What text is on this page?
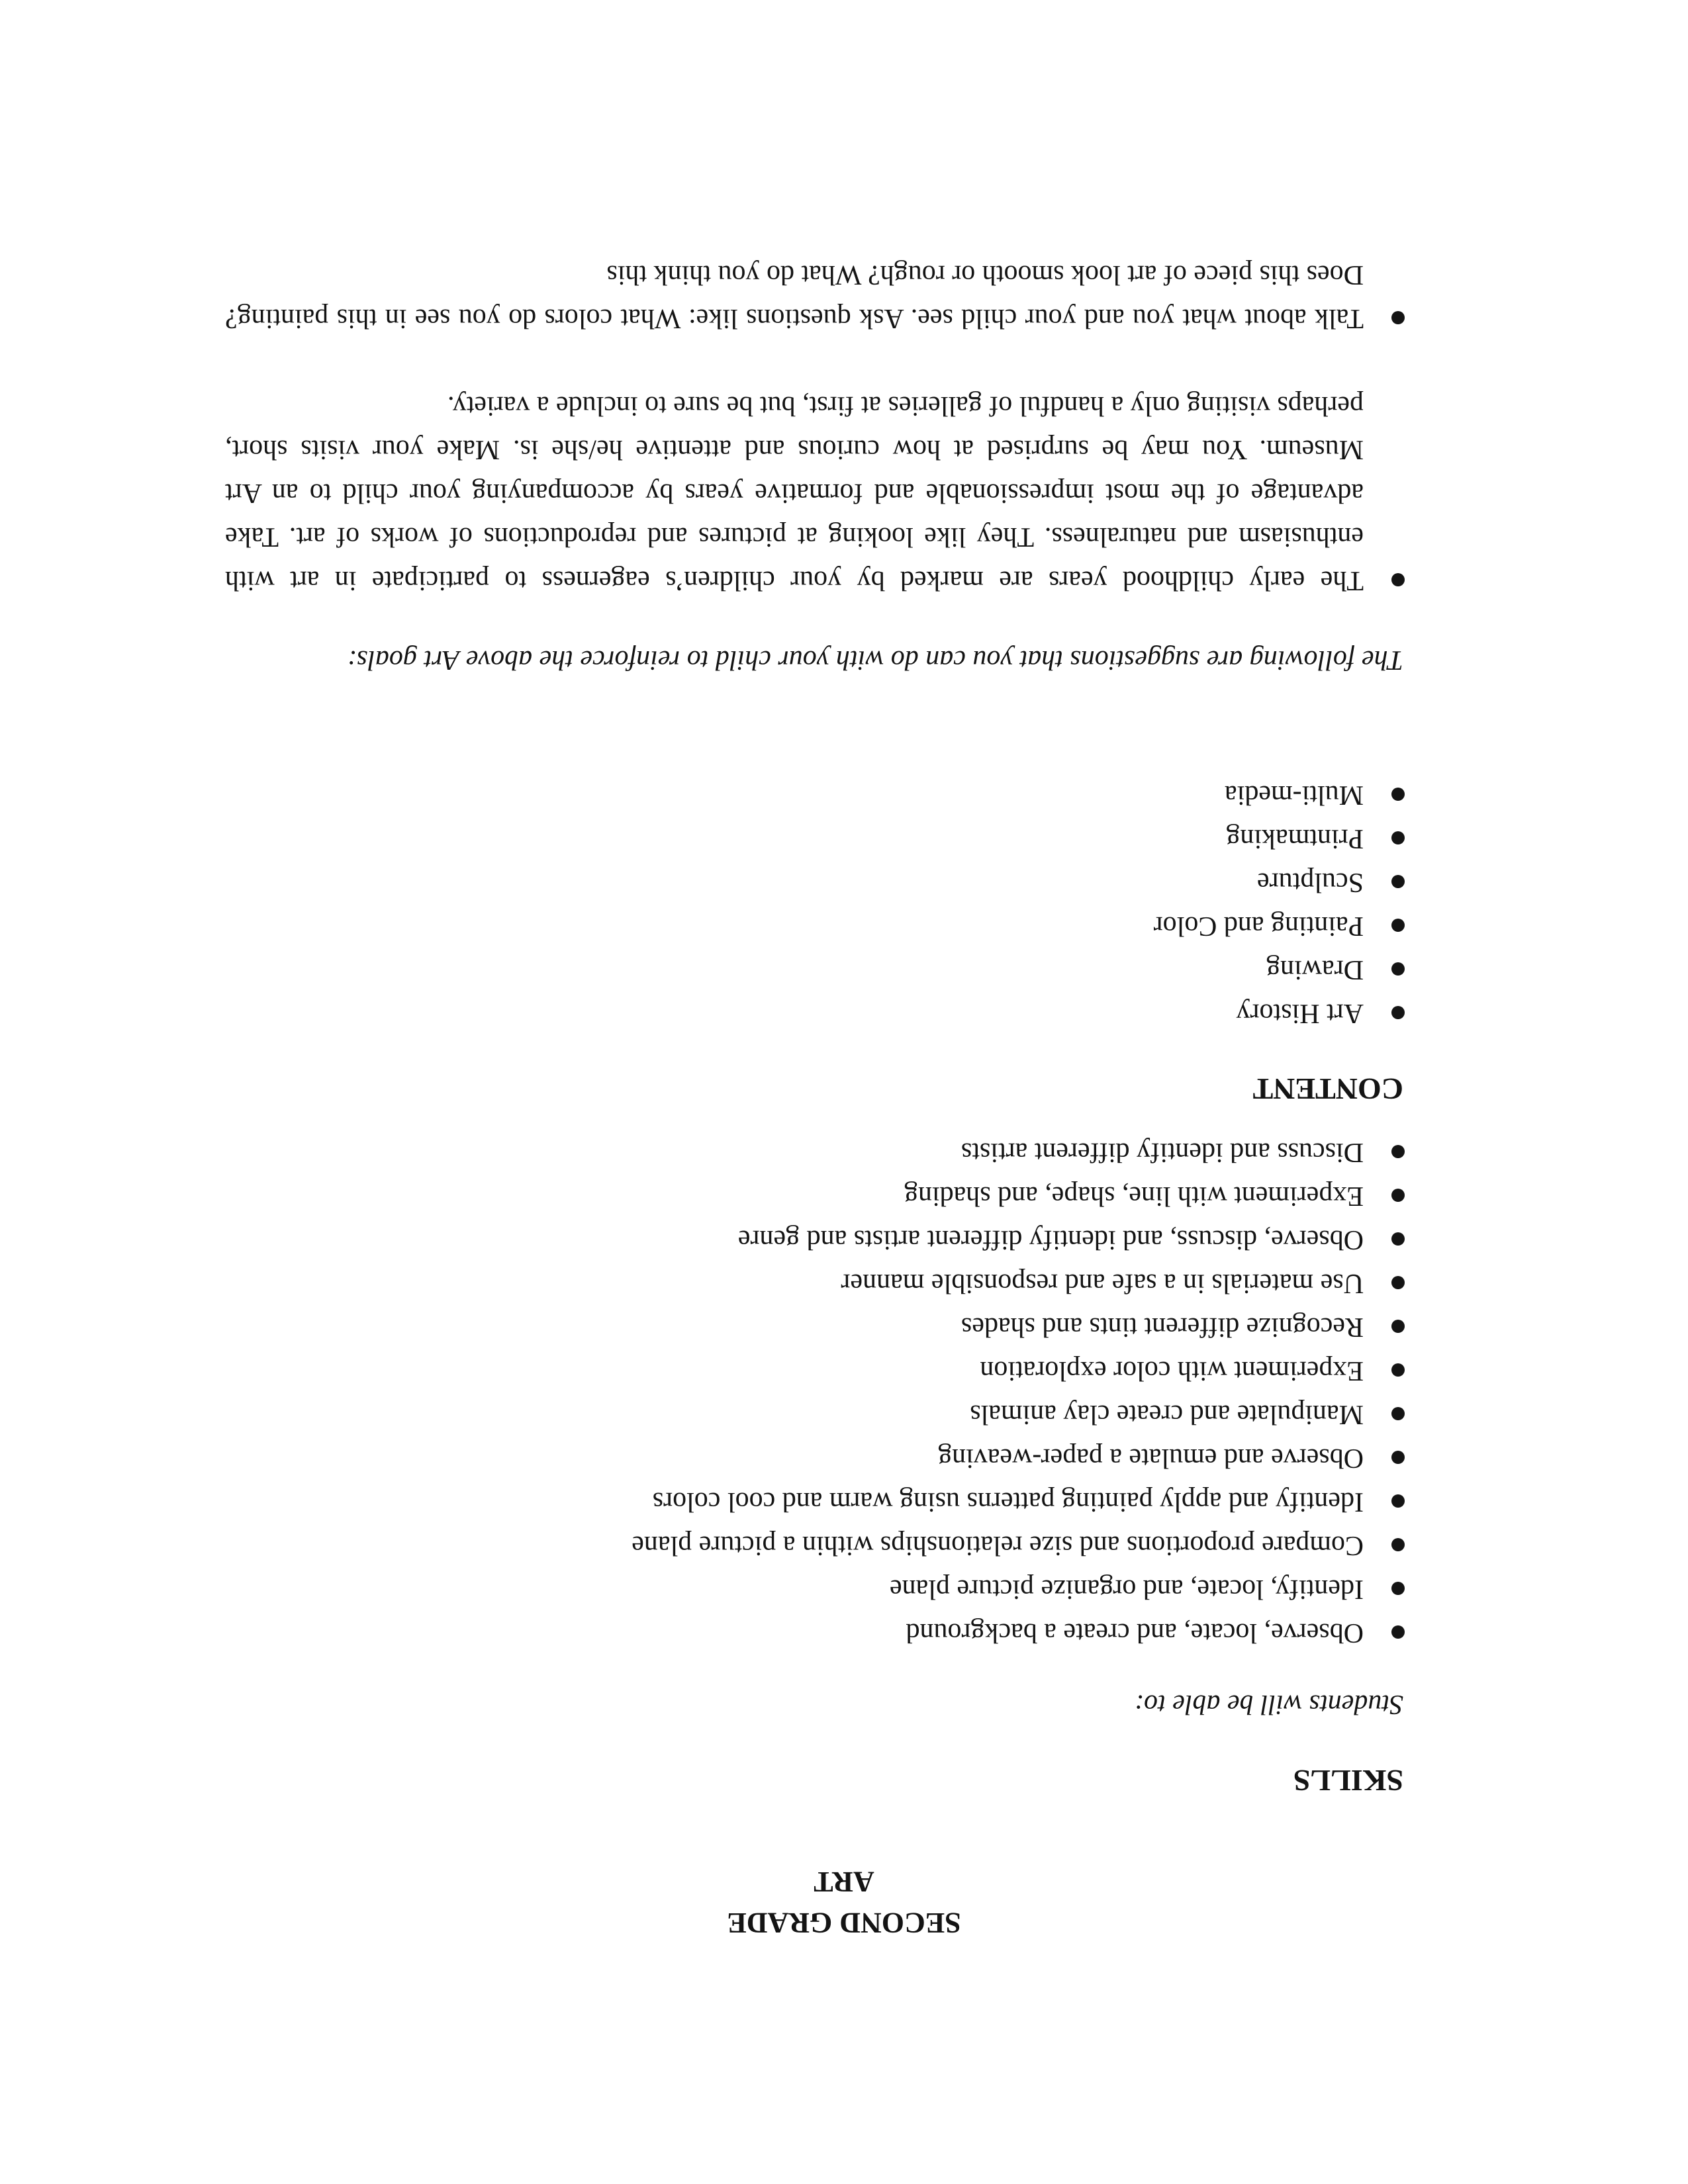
SECOND GRADE
ART
SKILLS
Students will be able to:
Observe, locate, and create a background
Identify, locate, and organize picture plane
Compare proportions and size relationships within a picture plane
Identify and apply painting patterns using warm and cool colors
Observe and emulate a paper-weaving
Manipulate and create clay animals
Experiment with color exploration
Recognize different tints and shades
Use materials in a safe and responsible manner
Observe, discuss, and identify different artists and genre
Experiment with line, shape, and shading
Discuss and identify different artists
CONTENT
Art History
Drawing
Painting and Color
Sculpture
Printmaking
Multi-media
The following are suggestions that you can do with your child to reinforce the above Art goals:
The early childhood years are marked by your children’s eagerness to participate in art with enthusiasm and naturalness. They like looking at pictures and reproductions of works of art. Take advantage of the most impressionable and formative years by accompanying your child to an Art Museum. You may be surprised at how curious and attentive he/she is. Make your visits short, perhaps visiting only a handful of galleries at first, but be sure to include a variety.
Talk about what you and your child see. Ask questions like: What colors do you see in this painting? Does this piece of art look smooth or rough? What do you think this
